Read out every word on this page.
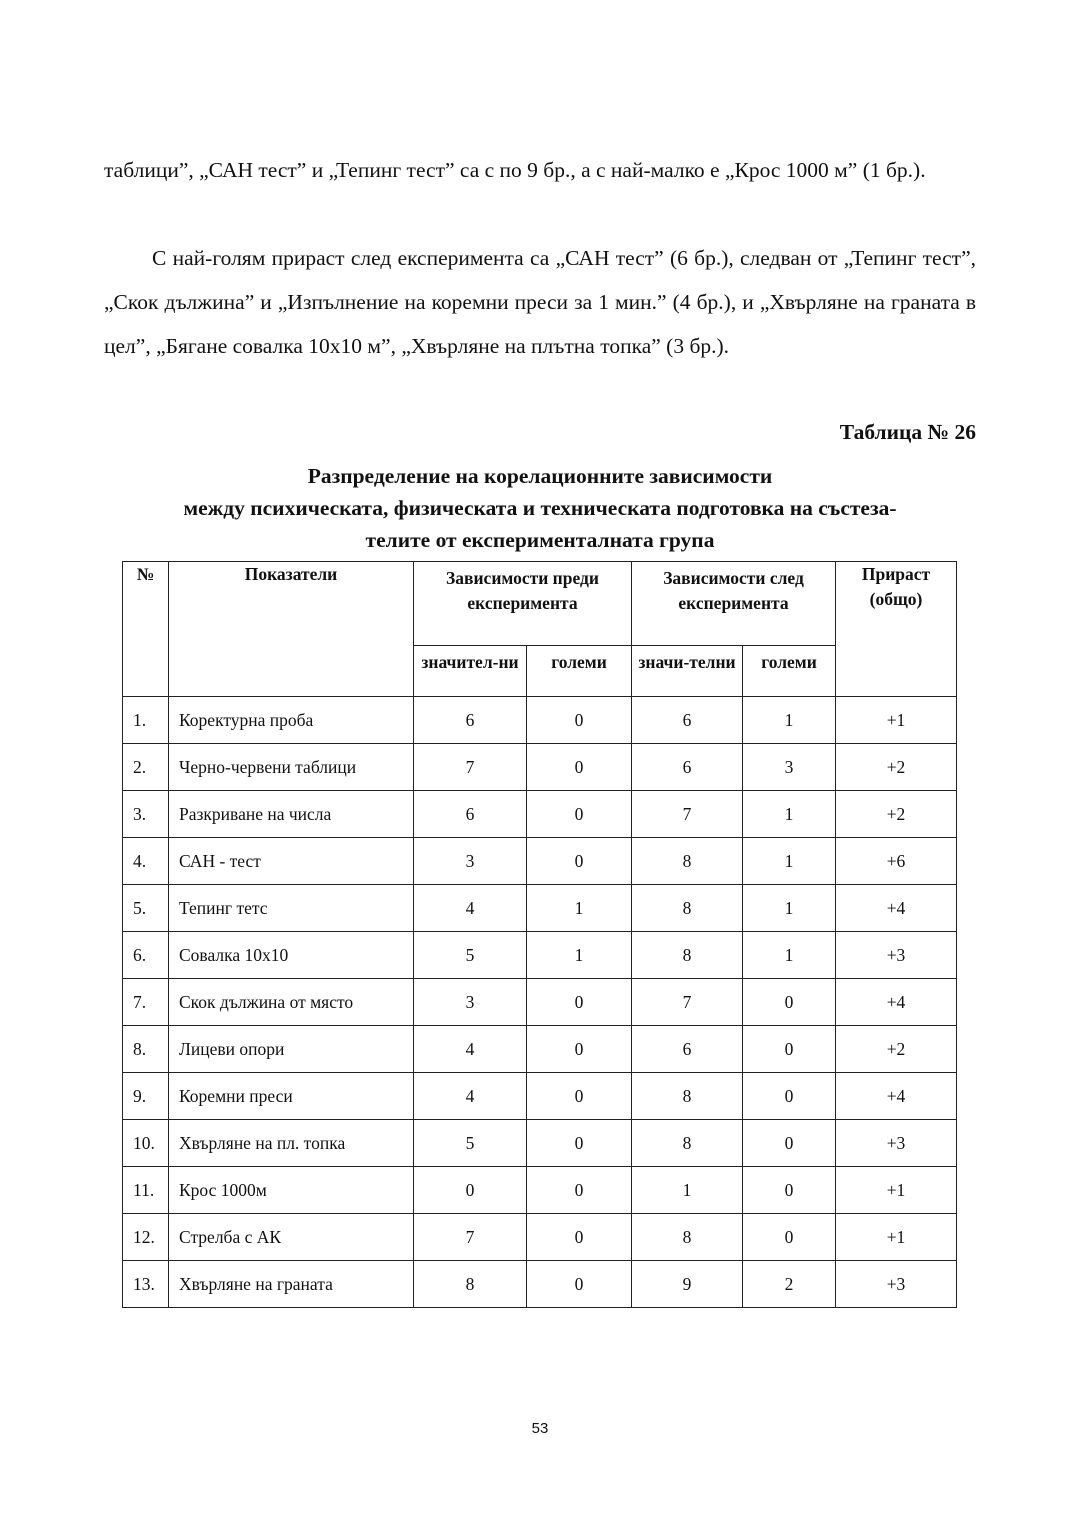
таблици”, „САН тест” и „Тепинг тест” са с по 9 бр., а с най-малко е „Крос 1000 м” (1 бр.).

С най-голям прираст след експеримента са „САН тест” (6 бр.), следван от „Тепинг тест”, „Скок дължина” и „Изпълнение на коремни преси за 1 мин.” (4 бр.), и „Хвърляне на граната в цел”, „Бягане совалка 10х10 м”, „Хвърляне на плътна топка” (3 бр.).

Таблица № 26
Разпределение на корелационните зависимости
между психическата, физическата и техническата подготовка на състеза-
телите от експерименталната група
№	Показатели	Зависимости преди експеримента		Зависимости след експеримента		Прираст (общо)
		значител-ни	големи	значи-телни	големи	
1.	Коректурна проба	6	0	6	1	+1
2.	Черно-червени таблици	7	0	6	3	+2
3.	Разкриване на числа	6	0	7	1	+2
4.	САН - тест	3	0	8	1	+6
5.	Тепинг тетс	4	1	8	1	+4
6.	Совалка 10х10	5	1	8	1	+3
7.	Скок дължина от място	3	0	7	0	+4
8.	Лицеви опори	4	0	6	0	+2
9.	Коремни преси	4	0	8	0	+4
10.	Хвърляне на пл. топка	5	0	8	0	+3
11.	Крос 1000м	0	0	1	0	+1
12.	Стрелба с АК	7	0	8	0	+1
13.	Хвърляне на граната	8	0	9	2	+3
53
